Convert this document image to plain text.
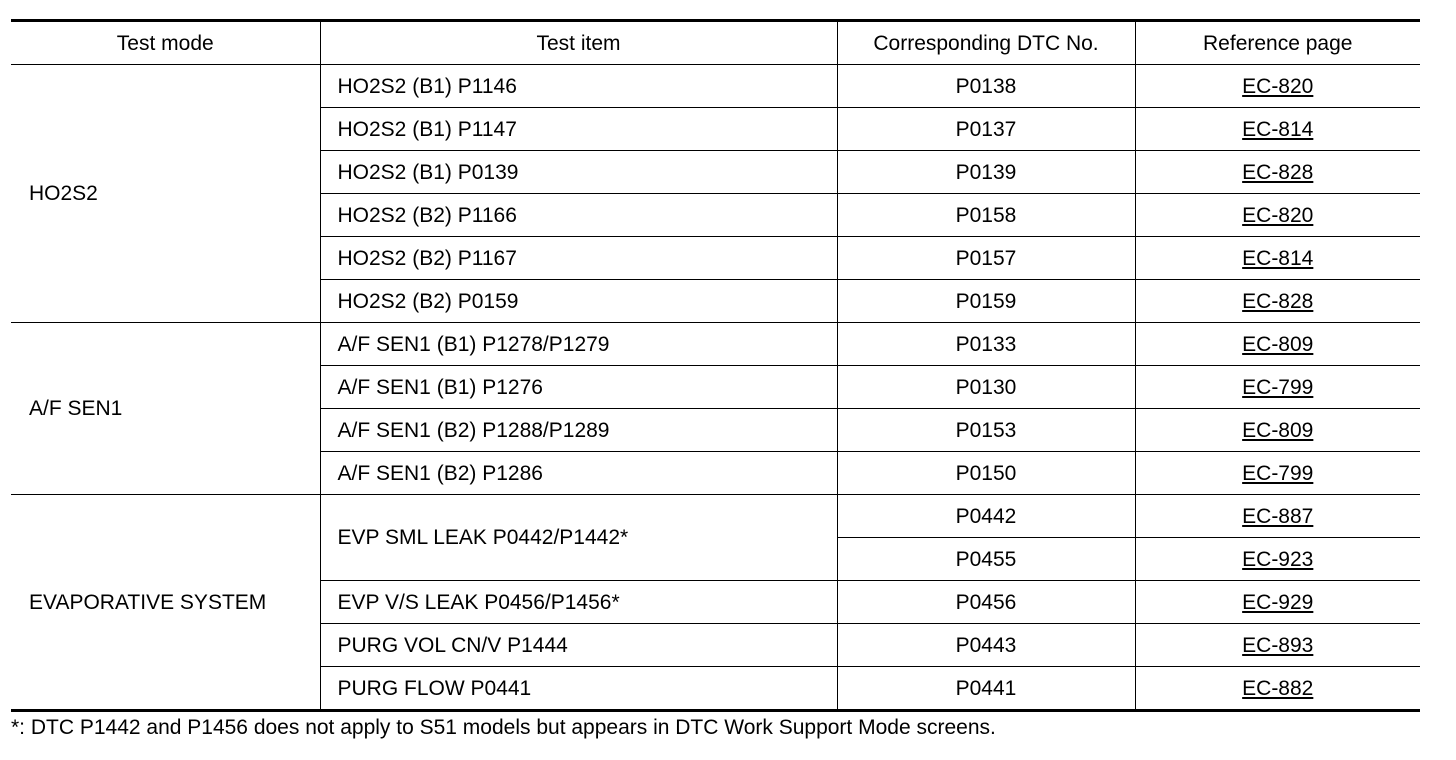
Test mode	Test item	Corresponding DTC No.	Reference page
HO2S2	HO2S2 (B1) P1146	P0138	EC-820
	HO2S2 (B1) P1147	P0137	EC-814
	HO2S2 (B1) P0139	P0139	EC-828
	HO2S2 (B2) P1166	P0158	EC-820
	HO2S2 (B2) P1167	P0157	EC-814
	HO2S2 (B2) P0159	P0159	EC-828
A/F SEN1	A/F SEN1 (B1) P1278/P1279	P0133	EC-809
	A/F SEN1 (B1) P1276	P0130	EC-799
	A/F SEN1 (B2) P1288/P1289	P0153	EC-809
	A/F SEN1 (B2) P1286	P0150	EC-799
EVAPORATIVE SYSTEM	EVP SML LEAK P0442/P1442*	P0442	EC-887
		P0455	EC-923
	EVP V/S LEAK P0456/P1456*	P0456	EC-929
	PURG VOL CN/V P1444	P0443	EC-893
	PURG FLOW P0441	P0441	EC-882
*: DTC P1442 and P1456 does not apply to S51 models but appears in DTC Work Support Mode screens.
